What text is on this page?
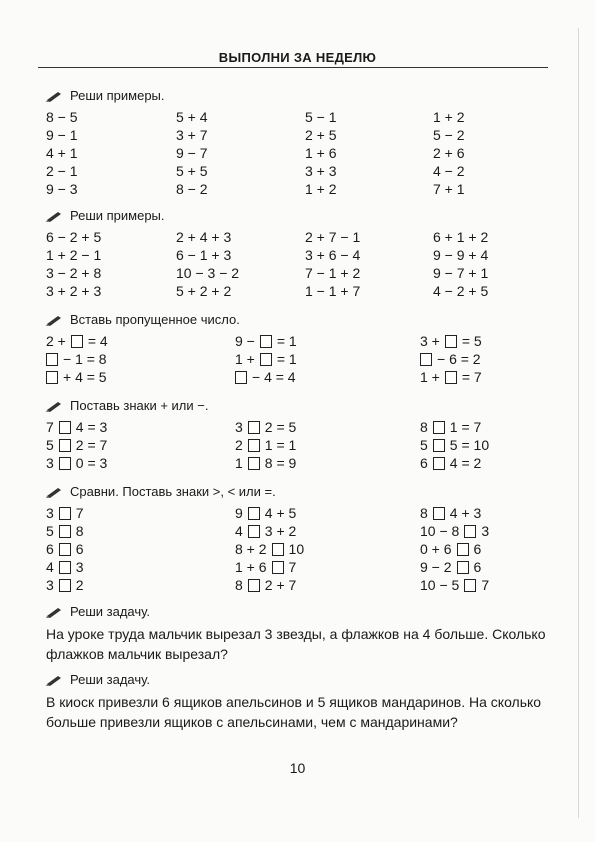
ВЫПОЛНИ ЗА НЕДЕЛЮ
Реши примеры.
8 − 5
9 − 1
4 + 1
2 − 1
9 − 3
5 + 4
3 + 7
9 − 7
5 + 5
8 − 2
5 − 1
2 + 5
1 + 6
3 + 3
1 + 2
1 + 2
5 − 2
2 + 6
4 − 2
7 + 1
Реши примеры.
6 − 2 + 5
1 + 2 − 1
3 − 2 + 8
3 + 2 + 3
2 + 4 + 3
6 − 1 + 3
10 − 3 − 2
5 + 2 + 2
2 + 7 − 1
3 + 6 − 4
7 − 1 + 2
1 − 1 + 7
6 + 1 + 2
9 − 9 + 4
9 − 7 + 1
4 − 2 + 5
Вставь пропущенное число.
2 + = 4
− 1 = 8
+ 4 = 5
9 − = 1
1 + = 1
− 4 = 4
3 + = 5
− 6 = 2
1 + = 7
Поставь знаки + или −.
7 4 = 3
5 2 = 7
3 0 = 3
3 2 = 5
2 1 = 1
1 8 = 9
8 1 = 7
5 5 = 10
6 4 = 2
Сравни. Поставь знаки >, < или =.
3 7
5 8
6 6
4 3
3 2
9 4 + 5
4 3 + 2
8 + 2 10
1 + 6 7
8 2 + 7
8 4 + 3
10 − 8 3
0 + 6 6
9 − 2 6
10 − 5 7
Реши задачу.
На уроке труда мальчик вырезал 3 звезды, а флажков на 4 больше. Сколько флажков мальчик вырезал?
Реши задачу.
В киоск привезли 6 ящиков апельсинов и 5 ящиков мандаринов. На сколько больше привезли ящиков с апельсинами, чем с мандаринами?
10
